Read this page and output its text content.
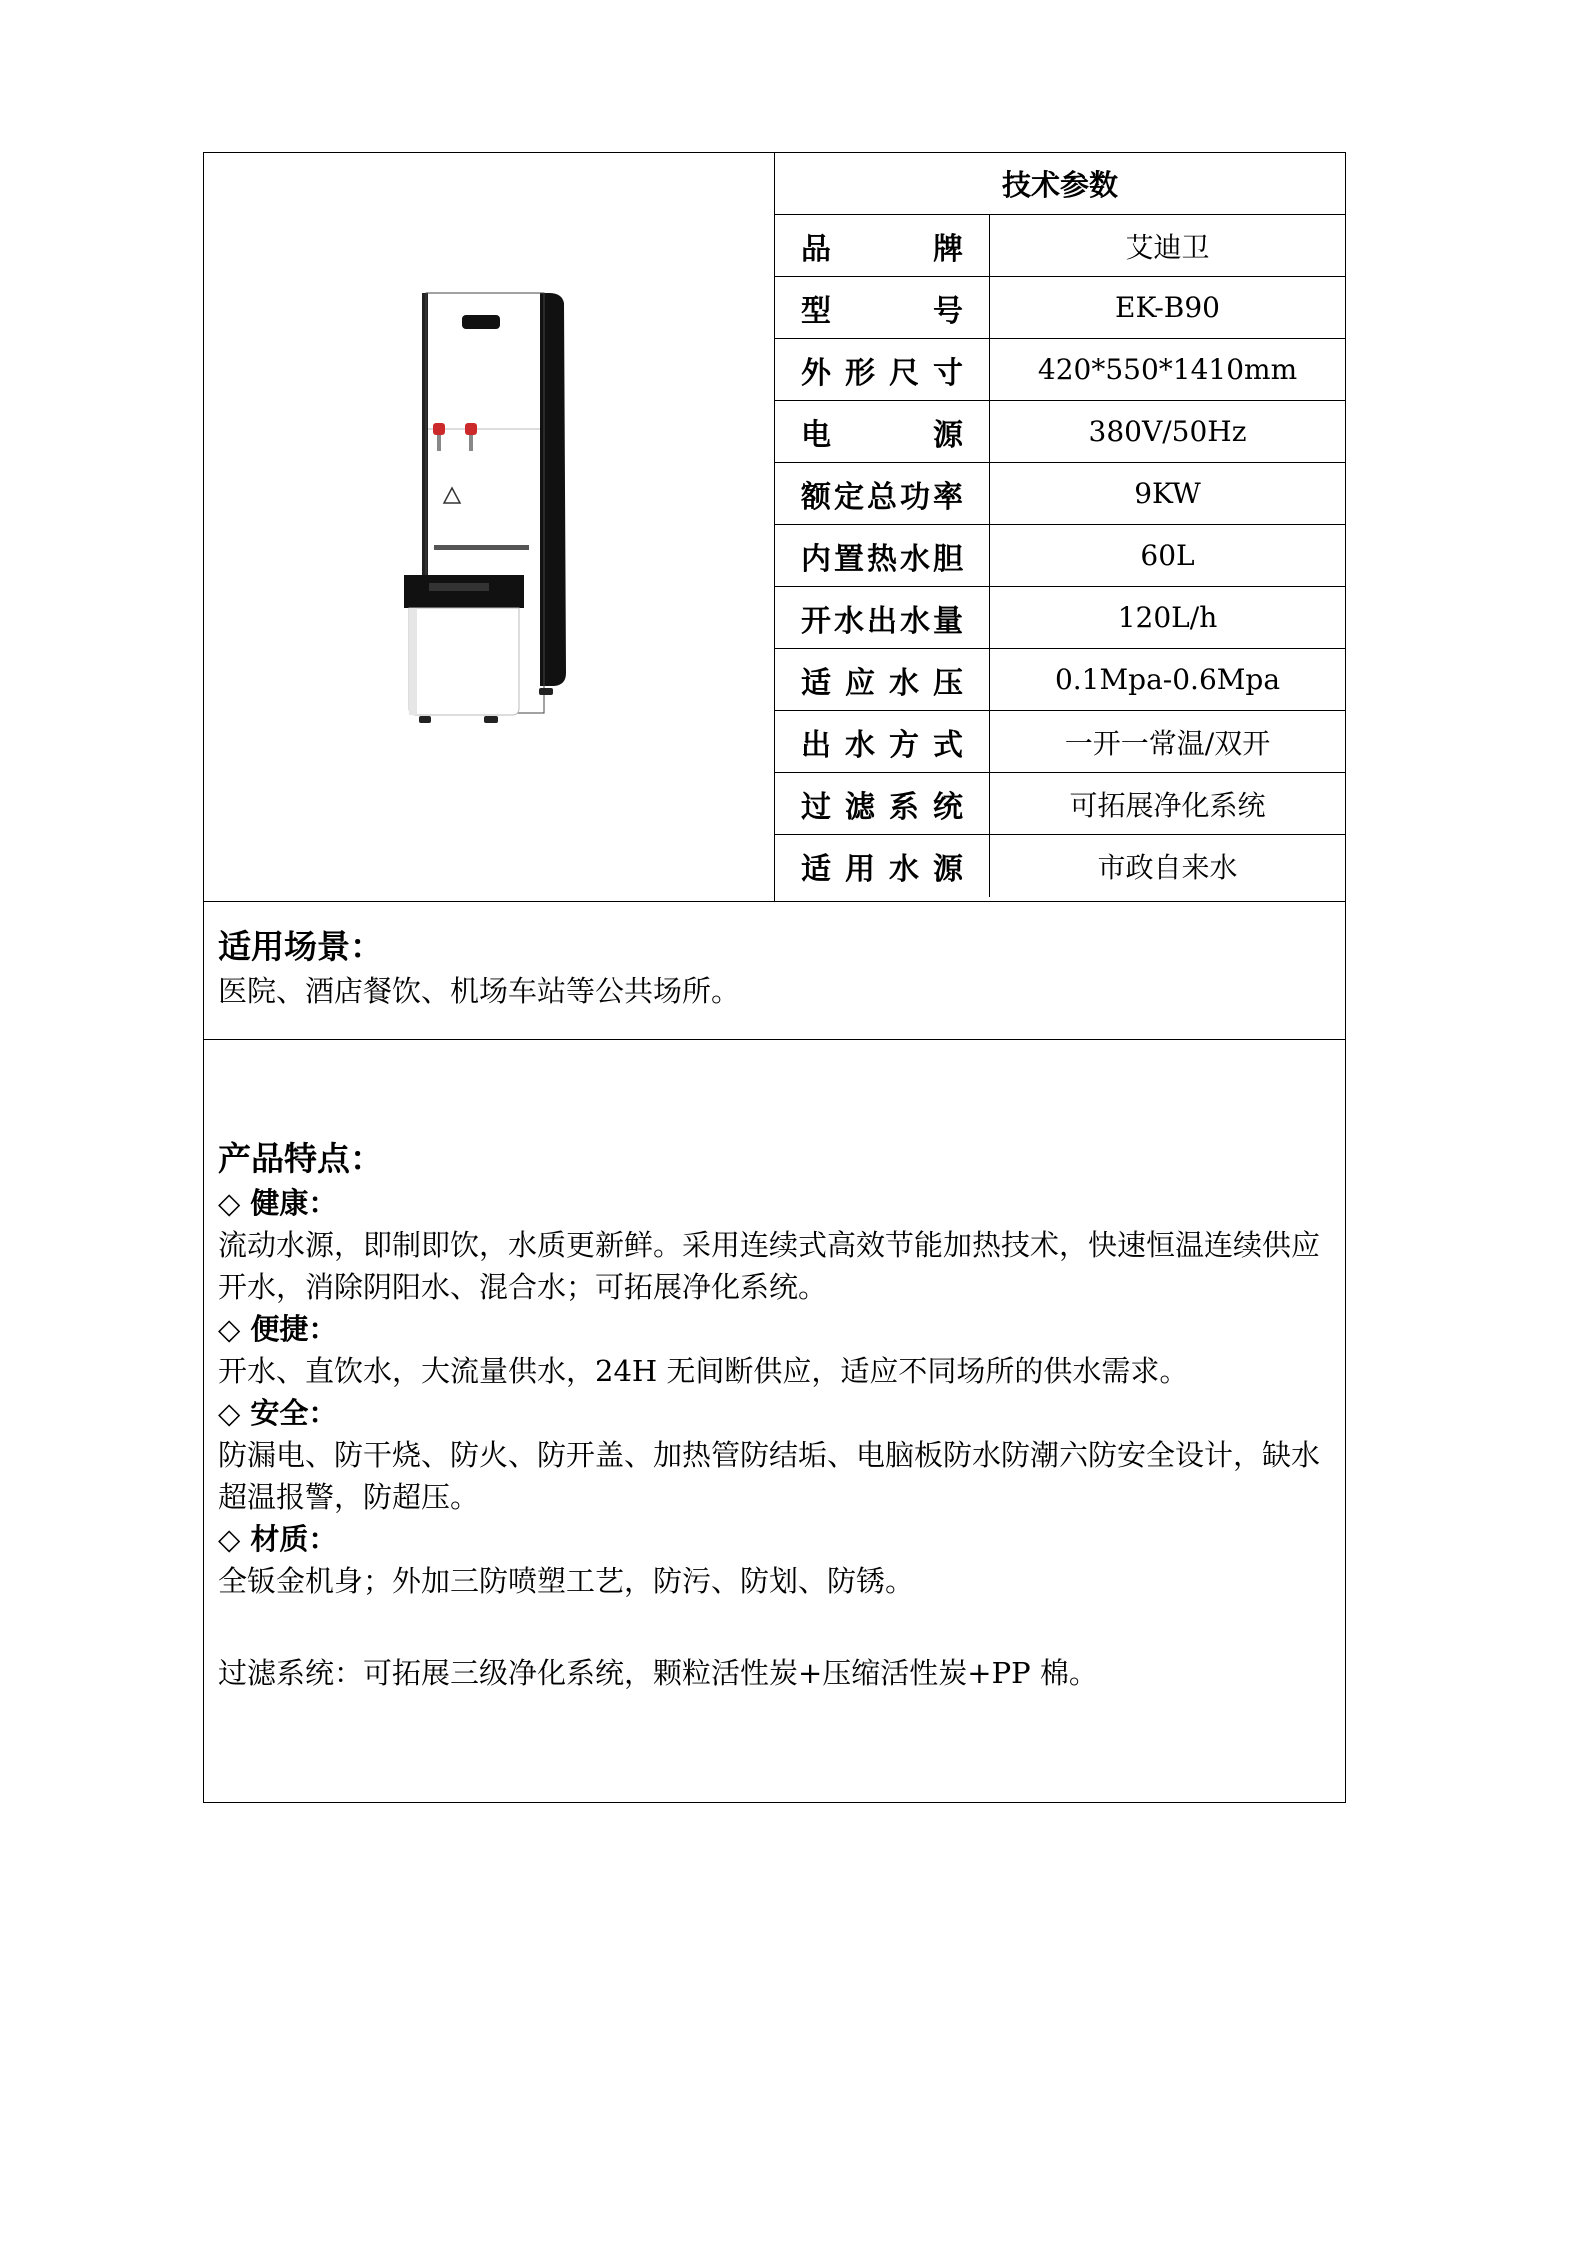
技术参数
品牌	艾迪卫
型号	EK-B90
外形尺寸	420*550*1410mm
电源	380V/50Hz
额定总功率	9KW
内置热水胆	60L
开水出水量	120L/h
适应水压	0.1Mpa-0.6Mpa
出水方式	一开一常温/双开
过滤系统	可拓展净化系统
适用水源	市政自来水
适用场景：
医院、酒店餐饮、机场车站等公共场所。
产品特点：
◇ 健康：
流动水源，即制即饮，水质更新鲜。采用连续式高效节能加热技术，快速恒温连续供应开水，消除阴阳水、混合水；可拓展净化系统。
◇ 便捷：
开水、直饮水，大流量供水，24H 无间断供应，适应不同场所的供水需求。
◇ 安全：
防漏电、防干烧、防火、防开盖、加热管防结垢、电脑板防水防潮六防安全设计，缺水超温报警，防超压。
◇ 材质：
全钣金机身；外加三防喷塑工艺，防污、防划、防锈。
过滤系统：可拓展三级净化系统，颗粒活性炭+压缩活性炭+PP 棉。
